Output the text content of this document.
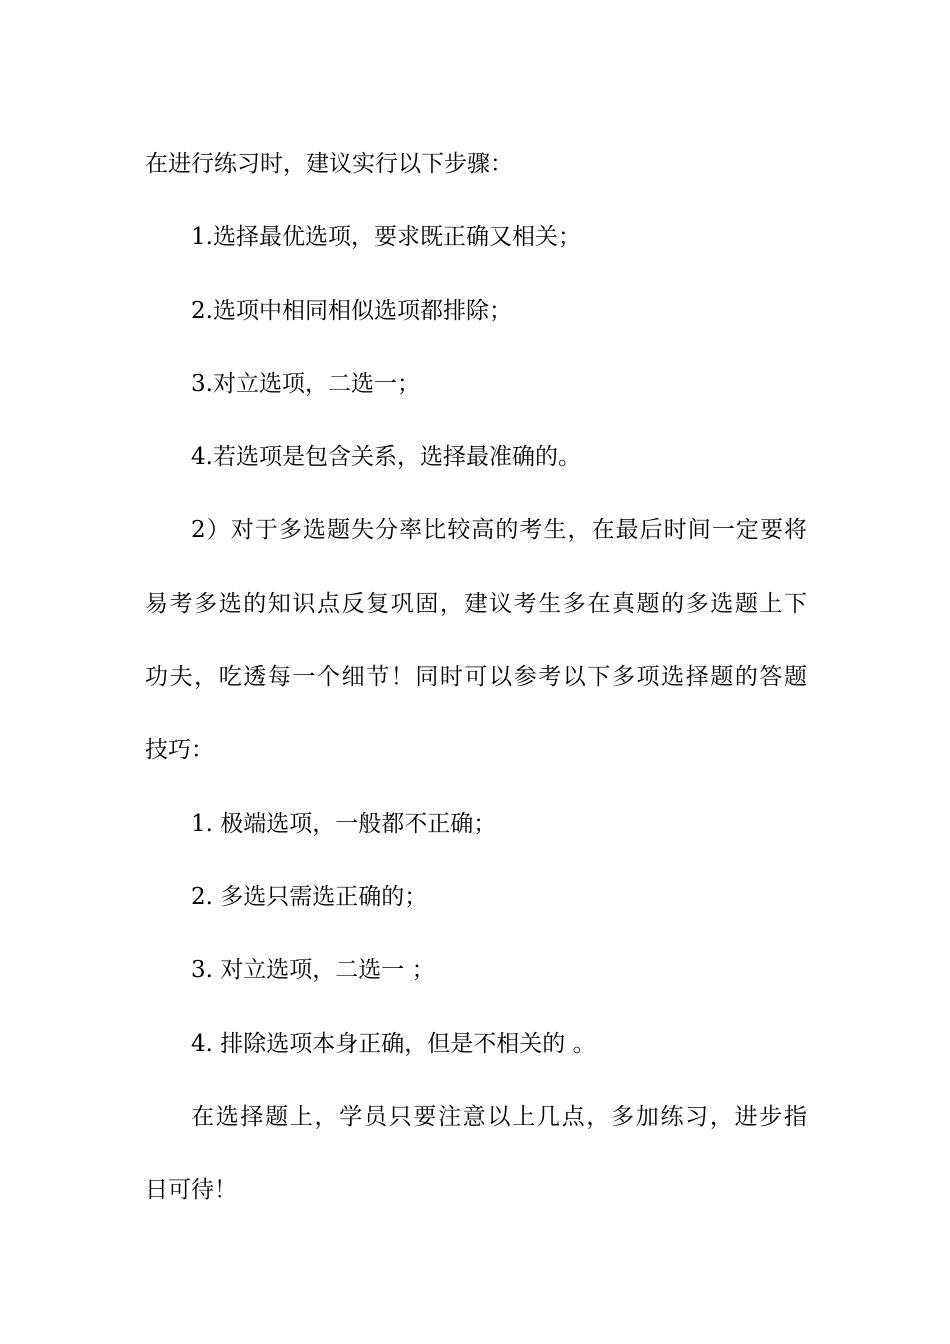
在进行练习时，建议实行以下步骤：

1.选择最优选项，要求既正确又相关；

2.选项中相同相似选项都排除；

3.对立选项，二选一；

4.若选项是包含关系，选择最准确的。

2）对于多选题失分率比较高的考生，在最后时间一定要将

易考多选的知识点反复巩固，建议考生多在真题的多选题上下

功夫，吃透每一个细节！同时可以参考以下多项选择题的答题

技巧：

1. 极端选项，一般都不正确；

2. 多选只需选正确的；

3. 对立选项，二选一 ；

4. 排除选项本身正确，但是不相关的 。

在选择题上，学员只要注意以上几点，多加练习，进步指

日可待！
